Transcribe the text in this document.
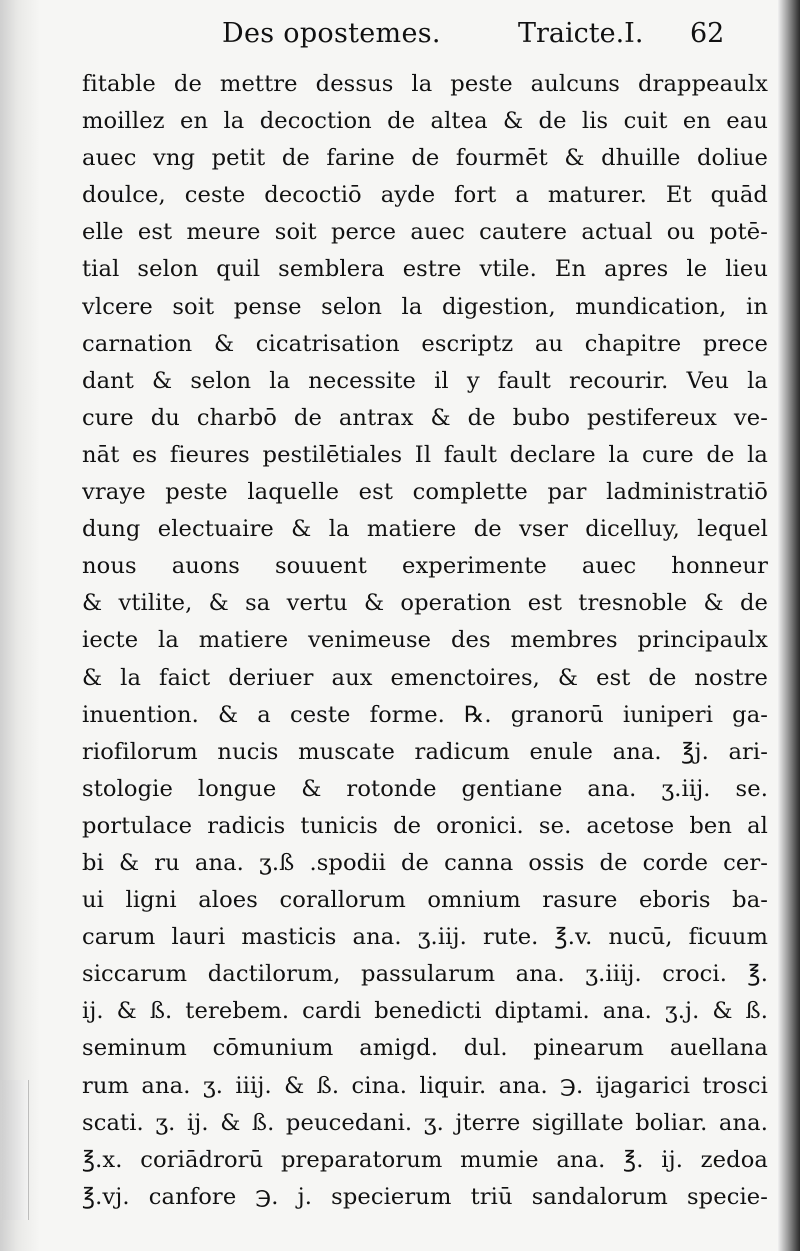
Des opostemes.	Traicte.I. 62
fitable de mettre dessus la peste aulcuns drappeaulx
moillez en la decoction de altea & de lis cuit en eau
auec vng petit de farine de fourmēt & dhuille doliue
doulce, ceste decoctiō ayde fort a maturer. Et quād
elle est meure soit perce auec cautere actual ou potē-
tial selon quil semblera estre vtile. En apres le lieu
vlcere soit pense selon la digestion, mundication, in
carnation & cicatrisation escriptz au chapitre prece
dant & selon la necessite il y fault recourir. Veu la
cure du charbō de antrax & de bubo pestifereux ve-
nāt es fieures pestilētiales Il fault declare la cure de la
vraye peste laquelle est complette par ladministratiō
dung electuaire & la matiere de vser dicelluy, lequel
nous auons souuent experimente auec honneur
& vtilite, & sa vertu & operation est tresnoble & de
iecte la matiere venimeuse des membres principaulx
& la faict deriuer aux emenctoires, & est de nostre
inuention. & a ceste forme. ℞. granorū iuniperi ga-
riofilorum nucis muscate radicum enule ana. ℥j. ari-
stologie longue & rotonde gentiane ana. ʒ.iij. se.
portulace radicis tunicis de oronici. se. acetose ben al
bi & ru ana. ʒ.ß .spodii de canna ossis de corde cer-
ui ligni aloes corallorum omnium rasure eboris ba-
carum lauri masticis ana. ʒ.iij. rute. ℥.v. nucū, ficuum
siccarum dactilorum, passularum ana. ʒ.iiij. croci. ℥.
ij. & ß. terebem. cardi benedicti diptami. ana. ʒ.j. & ß.
seminum cōmunium amigd. dul. pinearum auellana
rum ana. ʒ. iiij. & ß. cina. liquir. ana. ℈. ijagarici trosci
scati. ʒ. ij. & ß. peucedani. ʒ. jterre sigillate boliar. ana.
℥.x. coriādrorū preparatorum mumie ana. ℥. ij. zedoa
℥.vj. canfore ℈. j. specierum triū sandalorum specie-
